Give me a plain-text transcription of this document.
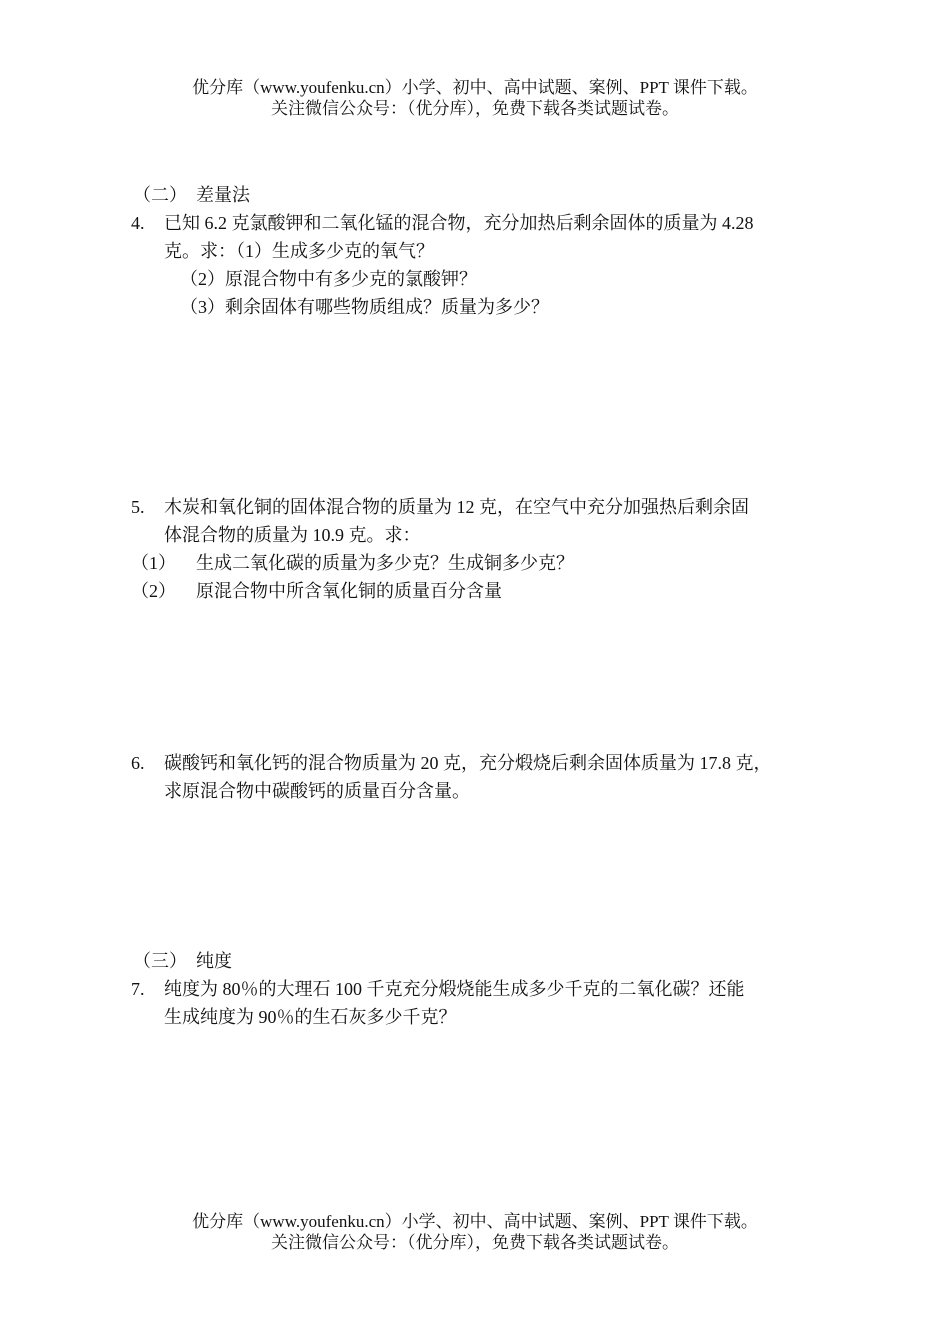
优分库（www.youfenku.cn）小学、初中、高中试题、案例、PPT 课件下载。
关注微信公众号：（优分库），免费下载各类试题试卷。
（二） 差量法
4. 已知 6.2 克氯酸钾和二氧化锰的混合物，充分加热后剩余固体的质量为 4.28
克。求：（1）生成多少克的氧气？
（2）原混合物中有多少克的氯酸钾？
（3）剩余固体有哪些物质组成？质量为多少？
5. 木炭和氧化铜的固体混合物的质量为 12 克，在空气中充分加强热后剩余固
体混合物的质量为 10.9 克。求：
（1） 生成二氧化碳的质量为多少克？生成铜多少克？
（2） 原混合物中所含氧化铜的质量百分含量
6. 碳酸钙和氧化钙的混合物质量为 20 克，充分煅烧后剩余固体质量为 17.8 克，
求原混合物中碳酸钙的质量百分含量。
（三） 纯度
7. 纯度为 80％的大理石 100 千克充分煅烧能生成多少千克的二氧化碳？还能
生成纯度为 90％的生石灰多少千克？
优分库（www.youfenku.cn）小学、初中、高中试题、案例、PPT 课件下载。
关注微信公众号：（优分库），免费下载各类试题试卷。
